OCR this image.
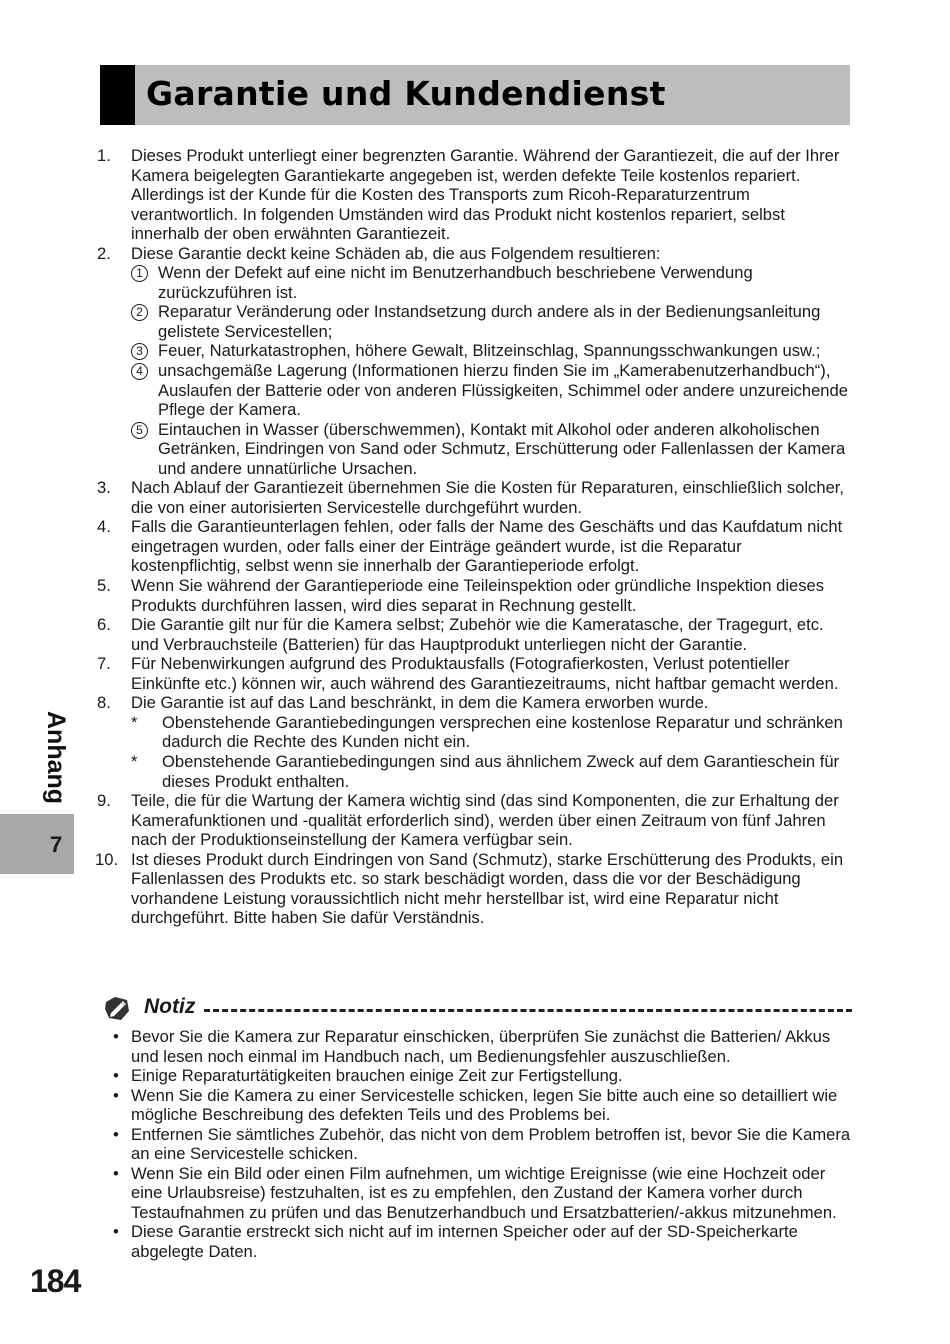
Garantie und Kundendienst
1. Dieses Produkt unterliegt einer begrenzten Garantie. Während der Garantiezeit, die auf der Ihrer Kamera beigelegten Garantiekarte angegeben ist, werden defekte Teile kostenlos repariert. Allerdings ist der Kunde für die Kosten des Transports zum Ricoh-Reparaturzentrum verantwortlich. In folgenden Umständen wird das Produkt nicht kostenlos repariert, selbst innerhalb der oben erwähnten Garantiezeit.
2. Diese Garantie deckt keine Schäden ab, die aus Folgendem resultieren:
1 Wenn der Defekt auf eine nicht im Benutzerhandbuch beschriebene Verwendung zurückzuführen ist.
2 Reparatur Veränderung oder Instandsetzung durch andere als in der Bedienungsanleitung gelistete Servicestellen;
3 Feuer, Naturkatastrophen, höhere Gewalt, Blitzeinschlag, Spannungsschwankungen usw.;
4 unsachgemäße Lagerung (Informationen hierzu finden Sie im „Kamerabenutzerhandbuch“), Auslaufen der Batterie oder von anderen Flüssigkeiten, Schimmel oder andere unzureichende Pflege der Kamera.
5 Eintauchen in Wasser (überschwemmen), Kontakt mit Alkohol oder anderen alkoholischen Getränken, Eindringen von Sand oder Schmutz, Erschütterung oder Fallenlassen der Kamera und andere unnatürliche Ursachen.
3. Nach Ablauf der Garantiezeit übernehmen Sie die Kosten für Reparaturen, einschließlich solcher, die von einer autorisierten Servicestelle durchgeführt wurden.
4. Falls die Garantieunterlagen fehlen, oder falls der Name des Geschäfts und das Kaufdatum nicht eingetragen wurden, oder falls einer der Einträge geändert wurde, ist die Reparatur kostenpflichtig, selbst wenn sie innerhalb der Garantieperiode erfolgt.
5. Wenn Sie während der Garantieperiode eine Teileinspektion oder gründliche Inspektion dieses Produkts durchführen lassen, wird dies separat in Rechnung gestellt.
6. Die Garantie gilt nur für die Kamera selbst; Zubehör wie die Kameratasche, der Tragegurt, etc. und Verbrauchsteile (Batterien) für das Hauptprodukt unterliegen nicht der Garantie.
7. Für Nebenwirkungen aufgrund des Produktausfalls (Fotografierkosten, Verlust potentieller Einkünfte etc.) können wir, auch während des Garantiezeitraums, nicht haftbar gemacht werden.
8. Die Garantie ist auf das Land beschränkt, in dem die Kamera erworben wurde.
* Obenstehende Garantiebedingungen versprechen eine kostenlose Reparatur und schränken dadurch die Rechte des Kunden nicht ein.
* Obenstehende Garantiebedingungen sind aus ähnlichem Zweck auf dem Garantieschein für dieses Produkt enthalten.
9. Teile, die für die Wartung der Kamera wichtig sind (das sind Komponenten, die zur Erhaltung der Kamerafunktionen und -qualität erforderlich sind), werden über einen Zeitraum von fünf Jahren nach der Produktionseinstellung der Kamera verfügbar sein.
10. Ist dieses Produkt durch Eindringen von Sand (Schmutz), starke Erschütterung des Produkts, ein Fallenlassen des Produkts etc. so stark beschädigt worden, dass die vor der Beschädigung vorhandene Leistung voraussichtlich nicht mehr herstellbar ist, wird eine Reparatur nicht durchgeführt. Bitte haben Sie dafür Verständnis.
Notiz
• Bevor Sie die Kamera zur Reparatur einschicken, überprüfen Sie zunächst die Batterien/ Akkus und lesen noch einmal im Handbuch nach, um Bedienungsfehler auszuschließen.
• Einige Reparaturtätigkeiten brauchen einige Zeit zur Fertigstellung.
• Wenn Sie die Kamera zu einer Servicestelle schicken, legen Sie bitte auch eine so detailliert wie mögliche Beschreibung des defekten Teils und des Problems bei.
• Entfernen Sie sämtliches Zubehör, das nicht von dem Problem betroffen ist, bevor Sie die Kamera an eine Servicestelle schicken.
• Wenn Sie ein Bild oder einen Film aufnehmen, um wichtige Ereignisse (wie eine Hochzeit oder eine Urlaubsreise) festzuhalten, ist es zu empfehlen, den Zustand der Kamera vorher durch Testaufnahmen zu prüfen und das Benutzerhandbuch und Ersatzbatterien/-akkus mitzunehmen.
• Diese Garantie erstreckt sich nicht auf im internen Speicher oder auf der SD-Speicherkarte abgelegte Daten.
Anhang
7
184
